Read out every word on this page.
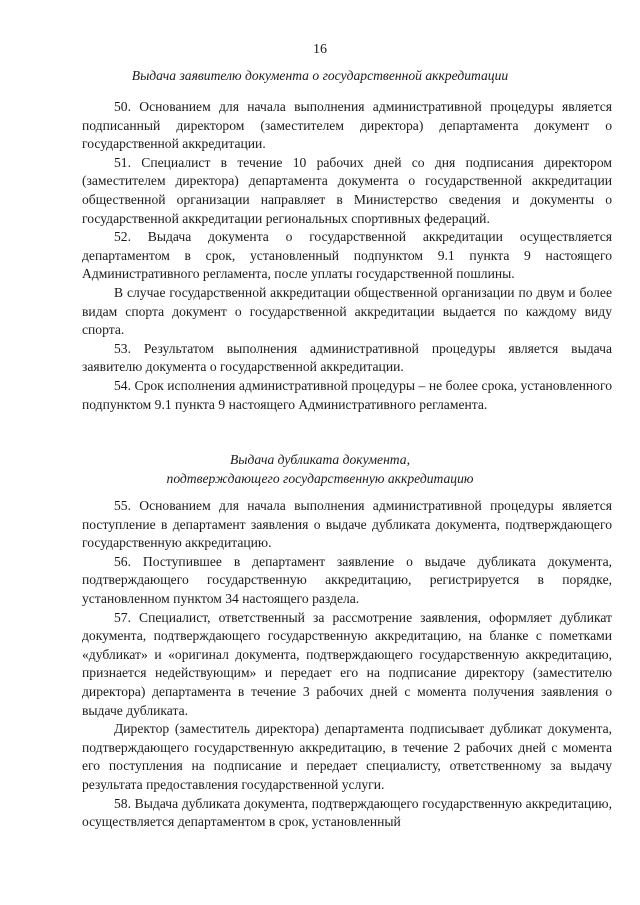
16
Выдача заявителю документа о государственной аккредитации

50. Основанием для начала выполнения административной процедуры является подписанный директором (заместителем директора) департамента документ о государственной аккредитации.

51. Специалист в течение 10 рабочих дней со дня подписания директором (заместителем директора) департамента документа о государственной аккредитации общественной организации направляет в Министерство сведения и документы о государственной аккредитации региональных спортивных федераций.

52. Выдача документа о государственной аккредитации осуществляется департаментом в срок, установленный подпунктом 9.1 пункта 9 настоящего Административного регламента, после уплаты государственной пошлины.

В случае государственной аккредитации общественной организации по двум и более видам спорта документ о государственной аккредитации выдается по каждому виду спорта.

53. Результатом выполнения административной процедуры является выдача заявителю документа о государственной аккредитации.

54. Срок исполнения административной процедуры – не более срока, установленного подпунктом 9.1 пункта 9 настоящего Административного регламента.

Выдача дубликата документа,
подтверждающего государственную аккредитацию

55. Основанием для начала выполнения административной процедуры является поступление в департамент заявления о выдаче дубликата документа, подтверждающего государственную аккредитацию.

56. Поступившее в департамент заявление о выдаче дубликата документа, подтверждающего государственную аккредитацию, регистрируется в порядке, установленном пунктом 34 настоящего раздела.

57. Специалист, ответственный за рассмотрение заявления, оформляет дубликат документа, подтверждающего государственную аккредитацию, на бланке с пометками «дубликат» и «оригинал документа, подтверждающего государственную аккредитацию, признается недействующим» и передает его на подписание директору (заместителю директора) департамента в течение 3 рабочих дней с момента получения заявления о выдаче дубликата.

Директор (заместитель директора) департамента подписывает дубликат документа, подтверждающего государственную аккредитацию, в течение 2 рабочих дней с момента его поступления на подписание и передает специалисту, ответственному за выдачу результата предоставления государственной услуги.

58. Выдача дубликата документа, подтверждающего государственную аккредитацию, осуществляется департаментом в срок, установленный
